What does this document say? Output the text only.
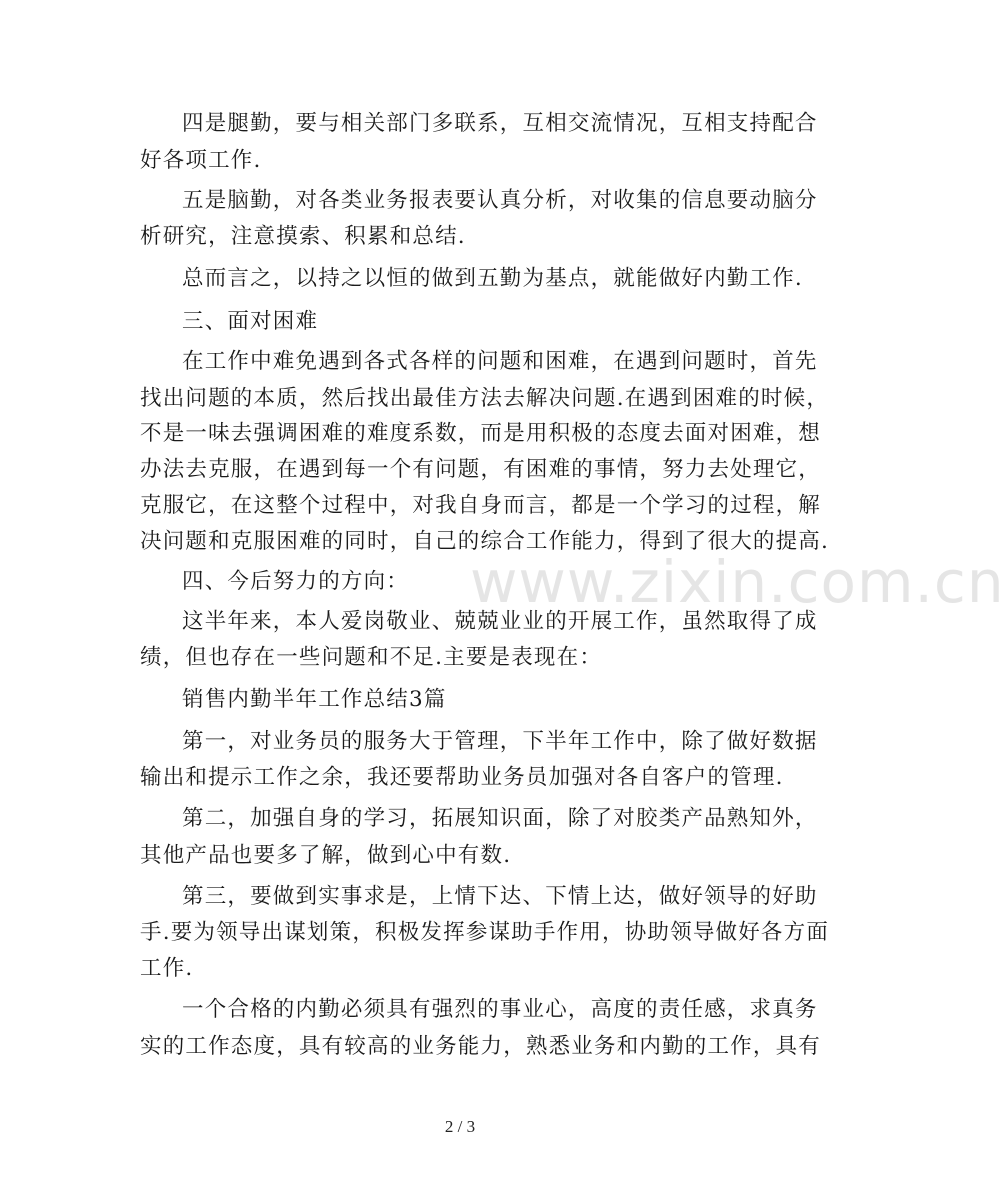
www.zixin.com.cn
四是腿勤，要与相关部门多联系，互相交流情况，互相支持配合
好各项工作.
五是脑勤，对各类业务报表要认真分析，对收集的信息要动脑分
析研究，注意摸索、积累和总结.
总而言之，以持之以恒的做到五勤为基点，就能做好内勤工作.
三、面对困难
在工作中难免遇到各式各样的问题和困难，在遇到问题时，首先
找出问题的本质，然后找出最佳方法去解决问题.在遇到困难的时候，
不是一味去强调困难的难度系数，而是用积极的态度去面对困难，想
办法去克服，在遇到每一个有问题，有困难的事情，努力去处理它，
克服它，在这整个过程中，对我自身而言，都是一个学习的过程，解
决问题和克服困难的同时，自己的综合工作能力，得到了很大的提高.
四、今后努力的方向：
这半年来，本人爱岗敬业、兢兢业业的开展工作，虽然取得了成
绩，但也存在一些问题和不足.主要是表现在：
销售内勤半年工作总结3篇
第一，对业务员的服务大于管理，下半年工作中，除了做好数据
输出和提示工作之余，我还要帮助业务员加强对各自客户的管理.
第二，加强自身的学习，拓展知识面，除了对胶类产品熟知外，
其他产品也要多了解，做到心中有数.
第三，要做到实事求是，上情下达、下情上达，做好领导的好助
手.要为领导出谋划策，积极发挥参谋助手作用，协助领导做好各方面
工作.
一个合格的内勤必须具有强烈的事业心，高度的责任感，求真务
实的工作态度，具有较高的业务能力，熟悉业务和内勤的工作，具有
2 / 3
